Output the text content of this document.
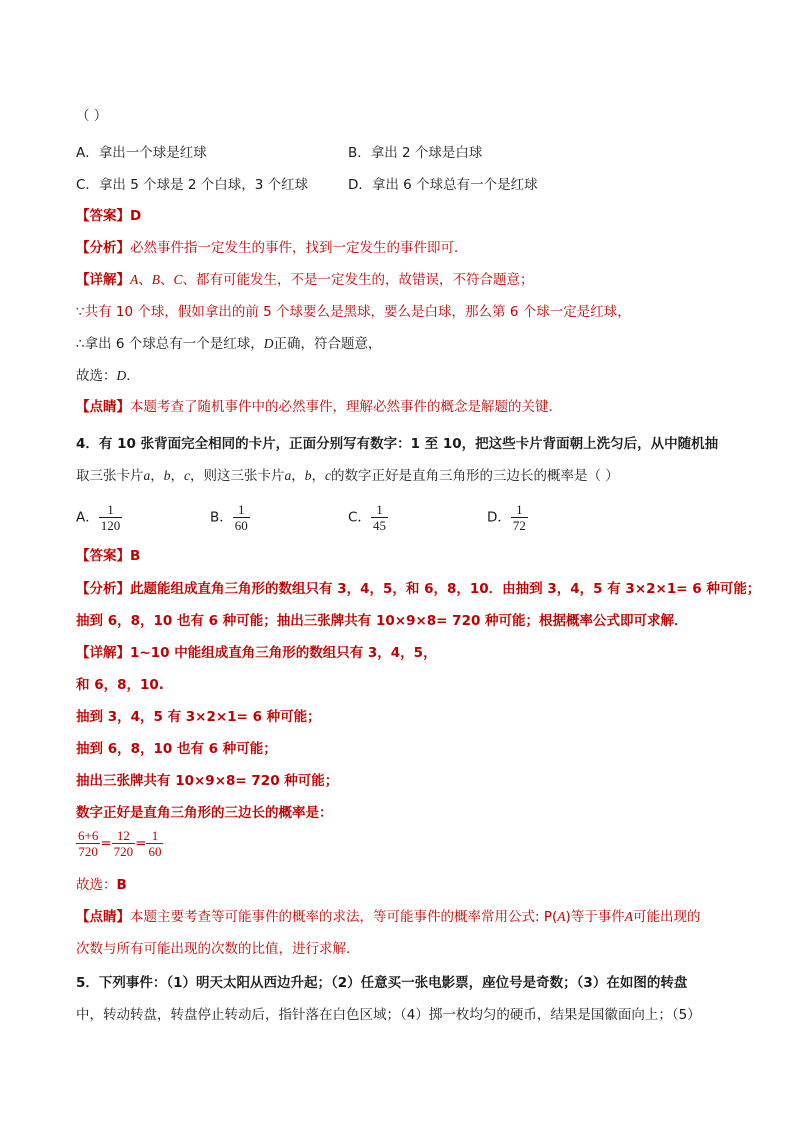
（ ）
A．拿出一个球是红球	B．拿出 2 个球是白球
C．拿出 5 个球是 2 个白球，3 个红球	D．拿出 6 个球总有一个是红球
【答案】D
【分析】必然事件指一定发生的事件，找到一定发生的事件即可．
【详解】A、B、C、都有可能发生，不是一定发生的，故错误，不符合题意；
∵共有 10 个球，假如拿出的前 5 个球要么是黑球，要么是白球，那么第 6 个球一定是红球，
∴拿出 6 个球总有一个是红球，D正确，符合题意，
故选：D．
【点睛】本题考查了随机事件中的必然事件，理解必然事件的概念是解题的关键．
4．有 10 张背面完全相同的卡片，正面分别写有数字：1 至 10，把这些卡片背面朝上洗匀后，从中随机抽
取三张卡片a，b，c，则这三张卡片a，b，c的数字正好是直角三角形的三边长的概率是（ ）
A． $\frac{1}{120}$	B． $\frac{1}{60}$	C． $\frac{1}{45}$	D． $\frac{1}{72}$
【答案】B
【分析】此题能组成直角三角形的数组只有 3，4，5，和 6，8，10．由抽到 3，4，5 有 3×2×1= 6 种可能；
抽到 6，8，10 也有 6 种可能；抽出三张牌共有 10×9×8= 720 种可能；根据概率公式即可求解．
【详解】1~10 中能组成直角三角形的数组只有 3，4，5，
和 6，8，10.
抽到 3，4，5 有 3×2×1= 6 种可能；
抽到 6，8，10 也有 6 种可能；
抽出三张牌共有 10×9×8= 720 种可能；
数字正好是直角三角形的三边长的概率是：
$\frac{6+6}{720} = \frac{12}{720} = \frac{1}{60}$
故选：B
【点睛】本题主要考查等可能事件的概率的求法，等可能事件的概率常用公式: P(A)等于事件A可能出现的
次数与所有可能出现的次数的比值，进行求解．
5．下列事件：（1）明天太阳从西边升起；（2）任意买一张电影票，座位号是奇数；（3）在如图的转盘
中，转动转盘，转盘停止转动后，指针落在白色区域；（4）掷一枚均匀的硬币，结果是国徽面向上；（5）
